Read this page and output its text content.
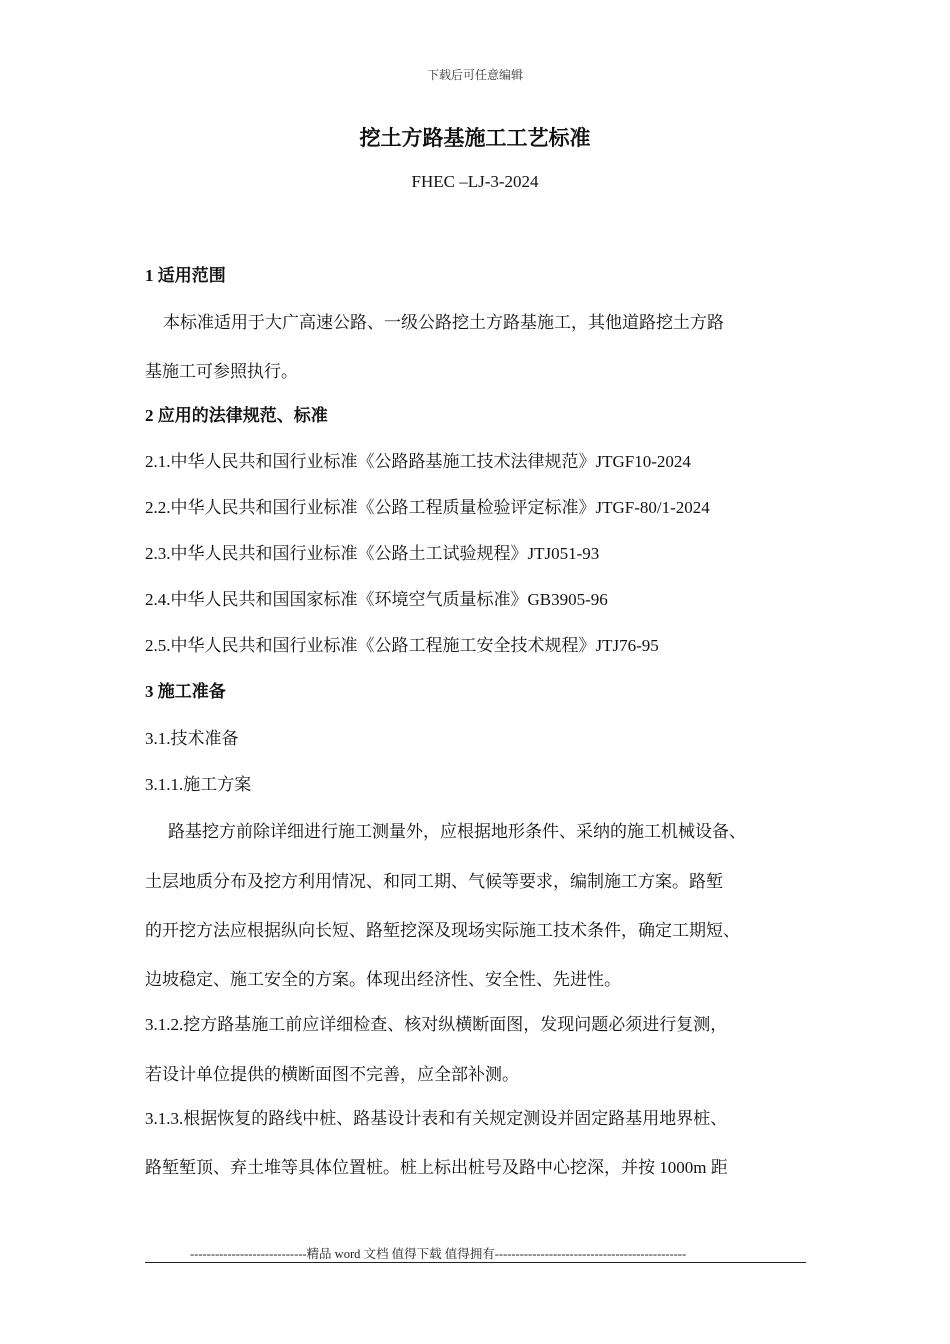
下载后可任意编辑
挖土方路基施工工艺标准
FHEC –LJ-3-2024
1 适用范围
本标准适用于大广高速公路、一级公路挖土方路基施工，其他道路挖土方路
基施工可参照执行。
2 应用的法律规范、标准
2.1.中华人民共和国行业标准《公路路基施工技术法律规范》JTGF10-2024
2.2.中华人民共和国行业标准《公路工程质量检验评定标准》JTGF-80/1-2024
2.3.中华人民共和国行业标准《公路土工试验规程》JTJ051-93
2.4.中华人民共和国国家标准《环境空气质量标准》GB3905-96
2.5.中华人民共和国行业标准《公路工程施工安全技术规程》JTJ76-95
3 施工准备
3.1.技术准备
3.1.1.施工方案
路基挖方前除详细进行施工测量外，应根据地形条件、采纳的施工机械设备、
土层地质分布及挖方利用情况、和同工期、气候等要求，编制施工方案。路堑
的开挖方法应根据纵向长短、路堑挖深及现场实际施工技术条件，确定工期短、
边坡稳定、施工安全的方案。体现出经济性、安全性、先进性。
3.1.2.挖方路基施工前应详细检查、核对纵横断面图，发现问题必须进行复测，
若设计单位提供的横断面图不完善，应全部补测。
3.1.3.根据恢复的路线中桩、路基设计表和有关规定测设并固定路基用地界桩、
路堑堑顶、弃土堆等具体位置桩。桩上标出桩号及路中心挖深，并按 1000m 距
----------------------------精品 word 文档 值得下载 值得拥有----------------------------------------------
